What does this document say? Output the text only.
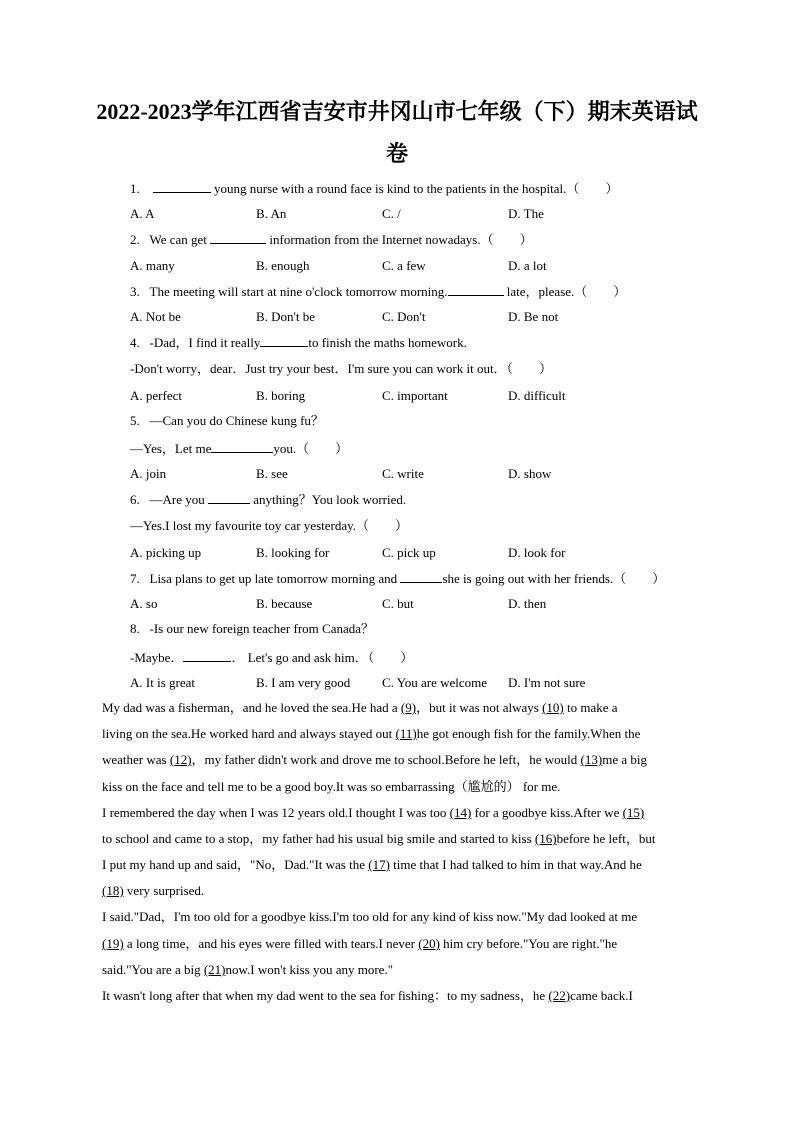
2022-2023学年江西省吉安市井冈山市七年级（下）期末英语试
卷
1.	young nurse with a round face is kind to the patients in the hospital.（　　）
A. A	B. An	C. /	D. The
2. We can get	information from the Internet nowadays.（　　）
A. many	B. enough	C. a few	D. a lot
3. The meeting will start at nine o'clock tomorrow morning.	late，please.（　　）
A. Not be	B. Don't be	C. Don't	D. Be not
4. -Dad，I find it really	to finish the maths homework.
-Don't worry，dear．Just try your best．I'm sure you can work it out．（　　）
A. perfect	B. boring	C. important	D. difficult
5. —Can you do Chinese kung fu？
—Yes，Let me	you.（　　）
A. join	B. see	C. write	D. show
6. —Are you	anything？You look worried.
—Yes.I lost my favourite toy car yesterday.（　　）
A. picking up	B. looking for	C. pick up	D. look for
7. Lisa plans to get up late tomorrow morning and	she is going out with her friends.（　　）
A. so	B. because	C. but	D. then
8. -Is our new foreign teacher from Canada？
-Maybe．	． Let's go and ask him．（　　）
A. It is great	B. I am very good C. You are welcome D. I'm not sure
My dad was a fisherman，and he loved the sea.He had a (9)，but it was not always (10) to make a
living on the sea.He worked hard and always stayed out (11)he got enough fish for the family.When the
weather was (12)，my father didn't work and drove me to school.Before he left，he would (13)me a big
kiss on the face and tell me to be a good boy.It was so embarrassing（尴尬的） for me.
I remembered the day when I was 12 years old.I thought I was too (14) for a goodbye kiss.After we (15)
to school and came to a stop，my father had his usual big smile and started to kiss (16)before he left，but
I put my hand up and said，"No，Dad."It was the (17) time that I had talked to him in that way.And he
(18) very surprised.
I said."Dad，I'm too old for a goodbye kiss.I'm too old for any kind of kiss now."My dad looked at me
(19) a long time，and his eyes were filled with tears.I never (20) him cry before."You are right."he
said."You are a big (21)now.I won't kiss you any more."
It wasn't long after that when my dad went to the sea for fishing：to my sadness，he (22)came back.I
